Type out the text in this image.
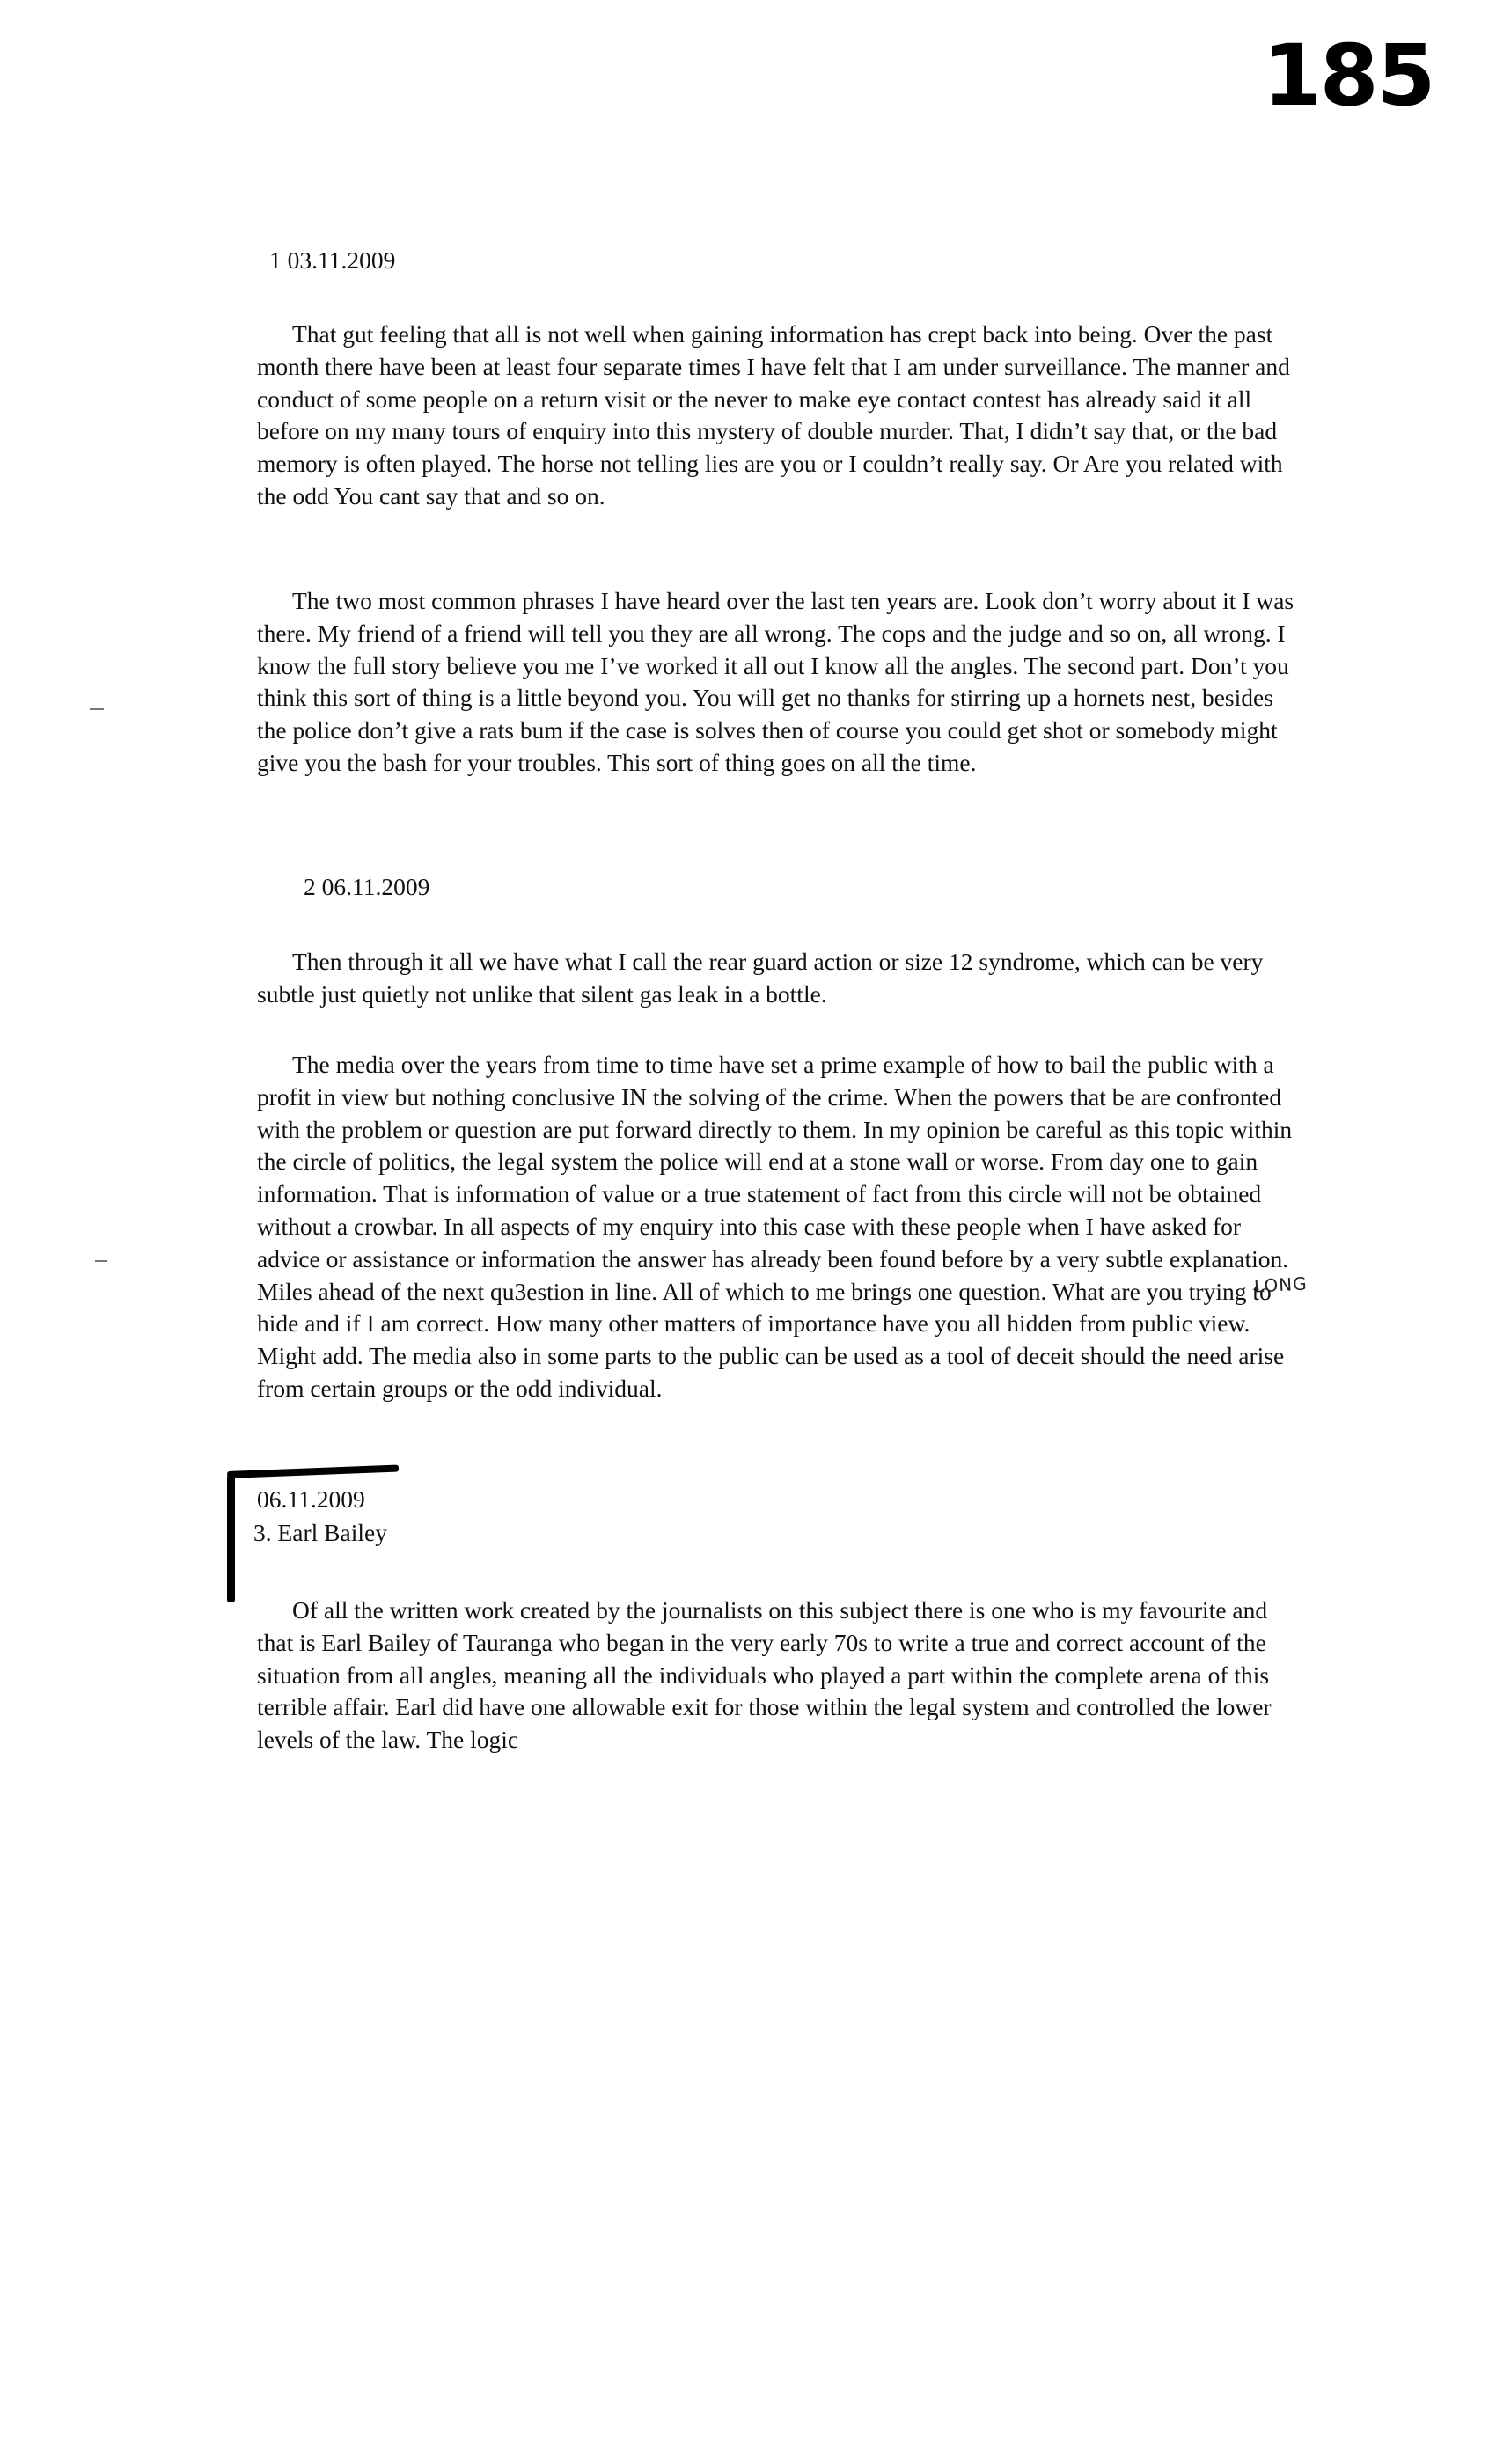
185
1 03.11.2009

That gut feeling that all is not well when gaining information has crept back into being. Over the past month there have been at least four separate times I have felt that I am under surveillance. The manner and conduct of some people on a return visit or the never to make eye contact contest has already said it all before on my many tours of enquiry into this mystery of double murder. That, I didn’t say that, or the bad memory is often played. The horse not telling lies are you or I couldn’t really say. Or Are you related with the odd You cant say that and so on.

The two most common phrases I have heard over the last ten years are. Look don’t worry about it I was there. My friend of a friend will tell you they are all wrong. The cops and the judge and so on, all wrong. I know the full story believe you me I’ve worked it all out I know all the angles. The second part. Don’t you think this sort of thing is a little beyond you. You will get no thanks for stirring up a hornets nest, besides the police don’t give a rats bum if the case is solves then of course you could get shot or somebody might give you the bash for your troubles. This sort of thing goes on all the time.

2 06.11.2009

Then through it all we have what I call the rear guard action or size 12 syndrome, which can be very subtle just quietly not unlike that silent gas leak in a bottle.

The media over the years from time to time have set a prime example of how to bail the public with a profit in view but nothing conclusive IN the solving of the crime. When the powers that be are confronted with the problem or question are put forward directly to them. In my opinion be careful as this topic within the circle of politics, the legal system the police will end at a stone wall or worse. From day one to gain information. That is information of value or a true statement of fact from this circle will not be obtained without a crowbar. In all aspects of my enquiry into this case with these people when I have asked for advice or assistance or information the answer has already been found before by a very subtle explanation. Miles ahead of the next qu3estion in line. All of which to me brings one question. What are you trying to hide and if I am correct. How many other matters of importance have you all hidden from public view. Might add. The media also in some parts to the public can be used as a tool of deceit should the need arise from certain groups or the odd individual.

06.11.2009
3. Earl Bailey

Of all the written work created by the journalists on this subject there is one who is my favourite and that is Earl Bailey of Tauranga who began in the very early 70s to write a true and correct account of the situation from all angles, meaning all the individuals who played a part within the complete arena of this terrible affair. Earl did have one allowable exit for those within the legal system and controlled the lower levels of the law. The logic

LONG
